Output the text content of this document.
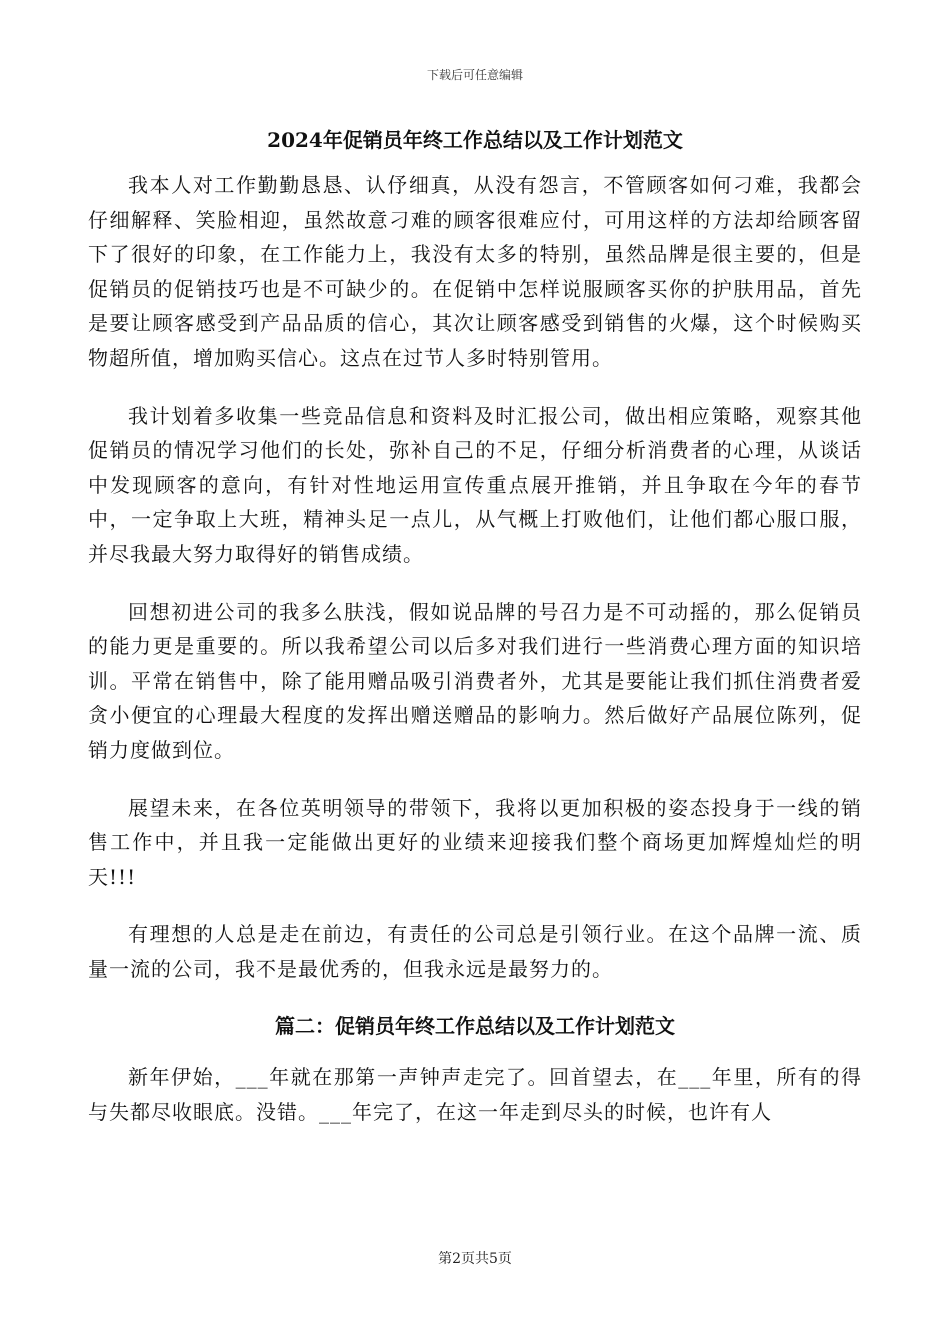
下载后可任意编辑
2024年促销员年终工作总结以及工作计划范文

我本人对工作勤勤恳恳、认伃细真，从没有怨言，不管顾客如何刁难，我都会仔细解释、笑脸相迎，虽然故意刁难的顾客很难应付，可用这样的方法却给顾客留下了很好的印象，在工作能力上，我没有太多的特别，虽然品牌是很主要的，但是促销员的促销技巧也是不可缺少的。在促销中怎样说服顾客买你的护肤用品，首先是要让顾客感受到产品品质的信心，其次让顾客感受到销售的火爆，这个时候购买物超所值，增加购买信心。这点在过节人多时特别管用。

我计划着多收集一些竞品信息和资料及时汇报公司，做出相应策略，观察其他促销员的情况学习他们的长处，弥补自己的不足，仔细分析消费者的心理，从谈话中发现顾客的意向，有针对性地运用宣传重点展开推销，并且争取在今年的春节中，一定争取上大班，精神头足一点儿，从气概上打败他们，让他们都心服口服，并尽我最大努力取得好的销售成绩。

回想初进公司的我多么肤浅，假如说品牌的号召力是不可动摇的，那么促销员的能力更是重要的。所以我希望公司以后多对我们进行一些消费心理方面的知识培训。平常在销售中，除了能用赠品吸引消费者外，尤其是要能让我们抓住消费者爱贪小便宜的心理最大程度的发挥出赠送赠品的影响力。然后做好产品展位陈列，促销力度做到位。

展望未来，在各位英明领导的带领下，我将以更加积极的姿态投身于一线的销售工作中，并且我一定能做出更好的业绩来迎接我们整个商场更加辉煌灿烂的明天!!!

有理想的人总是走在前边，有责任的公司总是引领行业。在这个品牌一流、质量一流的公司，我不是最优秀的，但我永远是最努力的。

篇二：促销员年终工作总结以及工作计划范文

新年伊始，___年就在那第一声钟声走完了。回首望去，在___年里，所有的得与失都尽收眼底。没错。___年完了，在这一年走到尽头的时候，也许有人

第2页共5页
